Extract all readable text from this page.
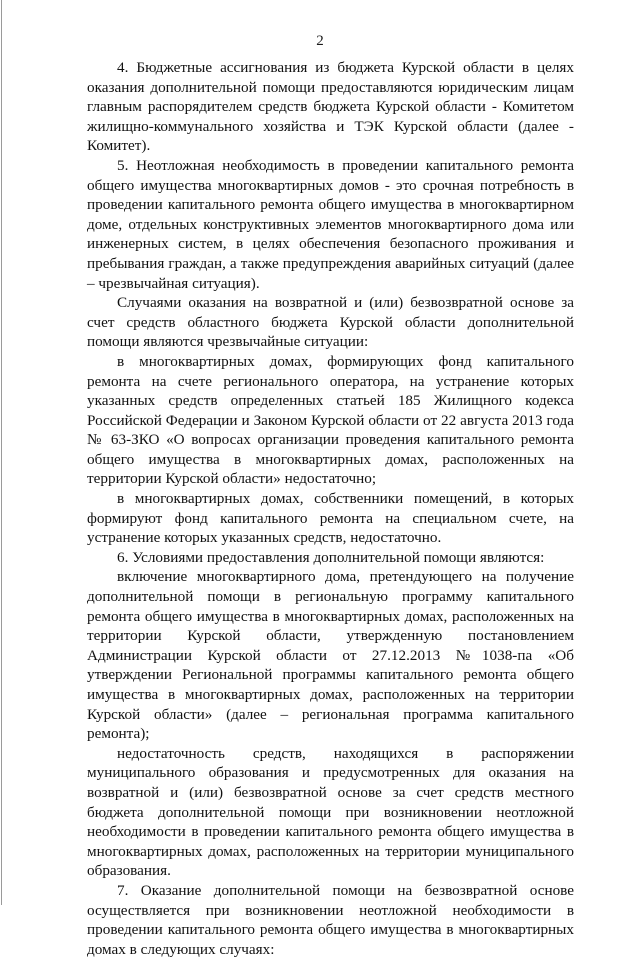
2

4. Бюджетные ассигнования из бюджета Курской области в целях оказания дополнительной помощи предоставляются юридическим лицам главным распорядителем средств бюджета Курской области - Комитетом жилищно-коммунального хозяйства и ТЭК Курской области (далее - Комитет).

5. Неотложная необходимость в проведении капитального ремонта общего имущества многоквартирных домов - это срочная потребность в проведении капитального ремонта общего имущества в многоквартирном доме, отдельных конструктивных элементов многоквартирного дома или инженерных систем, в целях обеспечения безопасного проживания и пребывания граждан, а также предупреждения аварийных ситуаций (далее – чрезвычайная ситуация).

Случаями оказания на возвратной и (или) безвозвратной основе за счет средств областного бюджета Курской области дополнительной помощи являются чрезвычайные ситуации:

в многоквартирных домах, формирующих фонд капитального ремонта на счете регионального оператора, на устранение которых указанных средств определенных статьей 185 Жилищного кодекса Российской Федерации и Законом Курской области от 22 августа 2013 года № 63-ЗКО «О вопросах организации проведения капитального ремонта общего имущества в многоквартирных домах, расположенных на территории Курской области» недостаточно;

в многоквартирных домах, собственники помещений, в которых формируют фонд капитального ремонта на специальном счете, на устранение которых указанных средств, недостаточно.

6. Условиями предоставления дополнительной помощи являются:

включение многоквартирного дома, претендующего на получение дополнительной помощи в региональную программу капитального ремонта общего имущества в многоквартирных домах, расположенных на территории Курской области, утвержденную постановлением Администрации Курской области от 27.12.2013 №1038-па «Об утверждении Региональной программы капитального ремонта общего имущества в многоквартирных домах, расположенных на территории Курской области» (далее – региональная программа капитального ремонта);

недостаточность средств, находящихся в распоряжении муниципального образования и предусмотренных для оказания на возвратной и (или) безвозвратной основе за счет средств местного бюджета дополнительной помощи при возникновении неотложной необходимости в проведении капитального ремонта общего имущества в многоквартирных домах, расположенных на территории муниципального образования.

7. Оказание дополнительной помощи на безвозвратной основе осуществляется при возникновении неотложной необходимости в проведении капитального ремонта общего имущества в многоквартирных домах в следующих случаях:
